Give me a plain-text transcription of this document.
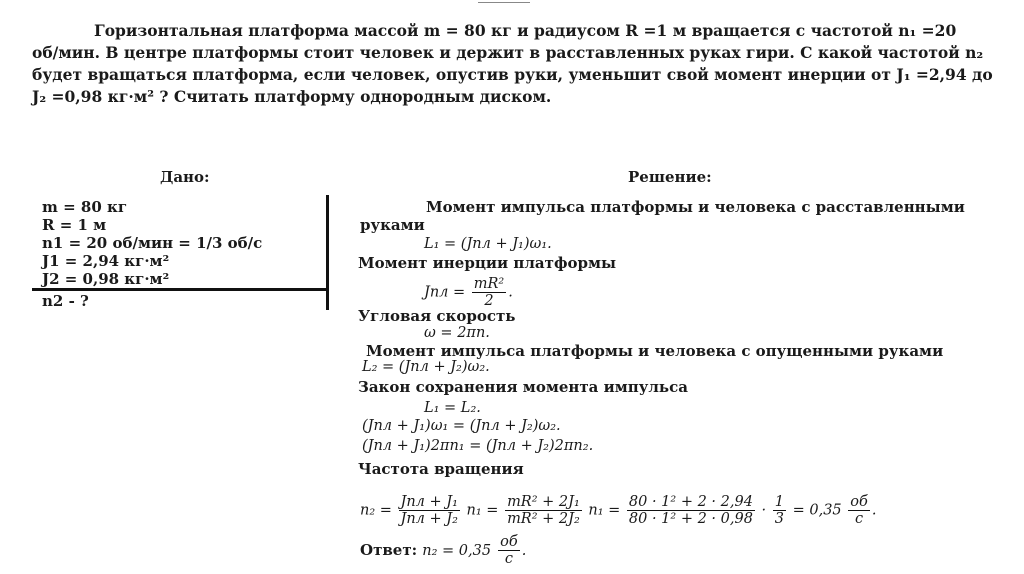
Горизонтальная платформа массой m = 80 кг и радиусом R =1 м вращается с частотой n₁ =20
об/мин. В центре платформы стоит человек и держит в расставленных руках гири. С какой частотой n₂
будет вращаться платформа, если человек, опустив руки, уменьшит свой момент инерции от J₁ =2,94 до
J₂ =0,98 кг·м² ? Считать платформу однородным диском.
Дано:	Решение:
m = 80 кг
R = 1 м
n1 = 20 об/мин = 1/3 об/с
J1 = 2,94 кг·м²
J2 = 0,98 кг·м²
n2 - ?
Момент импульса платформы и человека с расставленными
руками
L₁ = (Jпл + J₁)ω₁.
Момент инерции платформы
Jпл = $\frac{\text{mR²}}{2}$ .
Угловая скорость
ω = 2πn.
Момент импульса платформы и человека с опущенными руками
L₂ = (Jпл + J₂)ω₂.
Закон сохранения момента импульса
L₁ = L₂.
(Jпл + J₁)ω₁ = (Jпл + J₂)ω₂.
(Jпл + J₁)2πn₁ = (Jпл + J₂)2πn₂.
Частота вращения
$n_2 = \frac{\text{Jпл + J₁}}{\text{Jпл + J₂}} n_1 = \frac{\text{mR² + 2J₁}}{\text{mR² + 2J₂}} n_1 = \frac{\text{80 · 1² + 2 · 2,94}}{\text{80 · 1² + 2 · 0,98}} \cdot \frac{1}{3} = 0,35 \frac{об}{с}$ .
Ответ: $n_2 = 0,35 \frac{об}{с}$ .
